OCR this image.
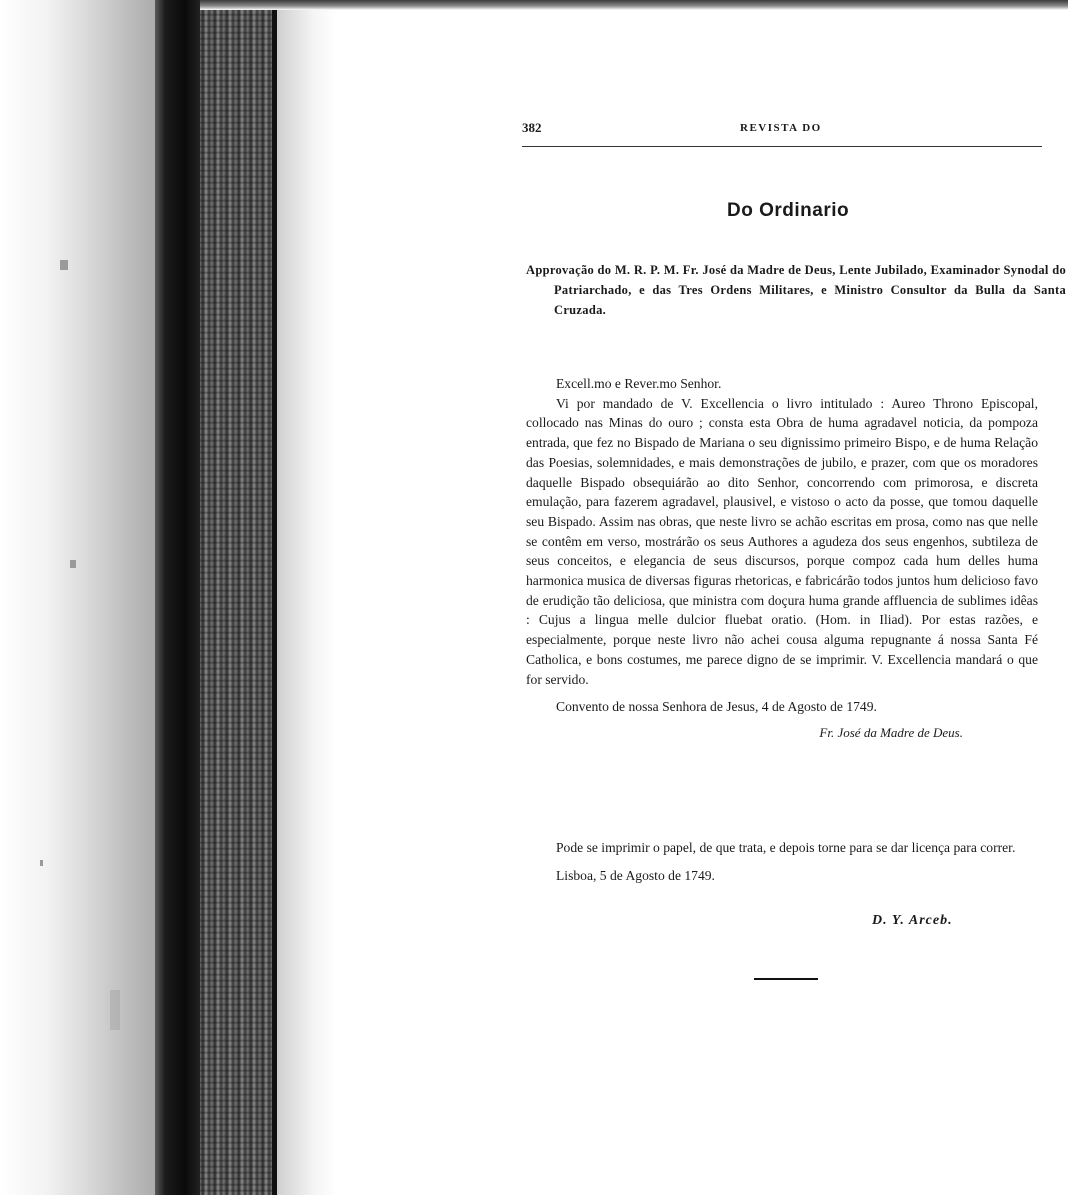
382	REVISTA DO
Do Ordinario
Approvação do M. R. P. M. Fr. José da Madre de Deus, Lente Jubilado, Examinador Synodal do Patriarchado, e das Tres Ordens Militares, e Ministro Consultor da Bulla da Santa Cruzada.

Excell.mo e Rever.mo Senhor.

Vi por mandado de V. Excellencia o livro intitulado : Aureo Throno Episcopal, collocado nas Minas do ouro ; consta esta Obra de huma agradavel noticia, da pompoza entrada, que fez no Bispado de Mariana o seu dignissimo primeiro Bispo, e de huma Relação das Poesias, solemnidades, e mais demonstrações de jubilo, e prazer, com que os moradores daquelle Bispado obsequiárão ao dito Senhor, concorrendo com primorosa, e discreta emulação, para fazerem agradavel, plausivel, e vistoso o acto da posse, que tomou daquelle seu Bispado. Assim nas obras, que neste livro se achão escritas em prosa, como nas que nelle se contêm em verso, mostrárão os seus Authores a agudeza dos seus engenhos, subtileza de seus conceitos, e elegancia de seus discursos, porque compoz cada hum delles huma harmonica musica de diversas figuras rhetoricas, e fabricárão todos juntos hum delicioso favo de erudição tão deliciosa, que ministra com doçura huma grande affluencia de sublimes idêas : Cujus a lingua melle dulcior fluebat oratio. (Hom. in Iliad). Por estas razões, e especialmente, porque neste livro não achei cousa alguma repugnante á nossa Santa Fé Catholica, e bons costumes, me parece digno de se imprimir. V. Excellencia mandará o que for servido.

Convento de nossa Senhora de Jesus, 4 de Agosto de 1749.

Fr. José da Madre de Deus.

Pode se imprimir o papel, de que trata, e depois torne para se dar licença para correr.

Lisboa, 5 de Agosto de 1749.

D. Y. Arceb.
